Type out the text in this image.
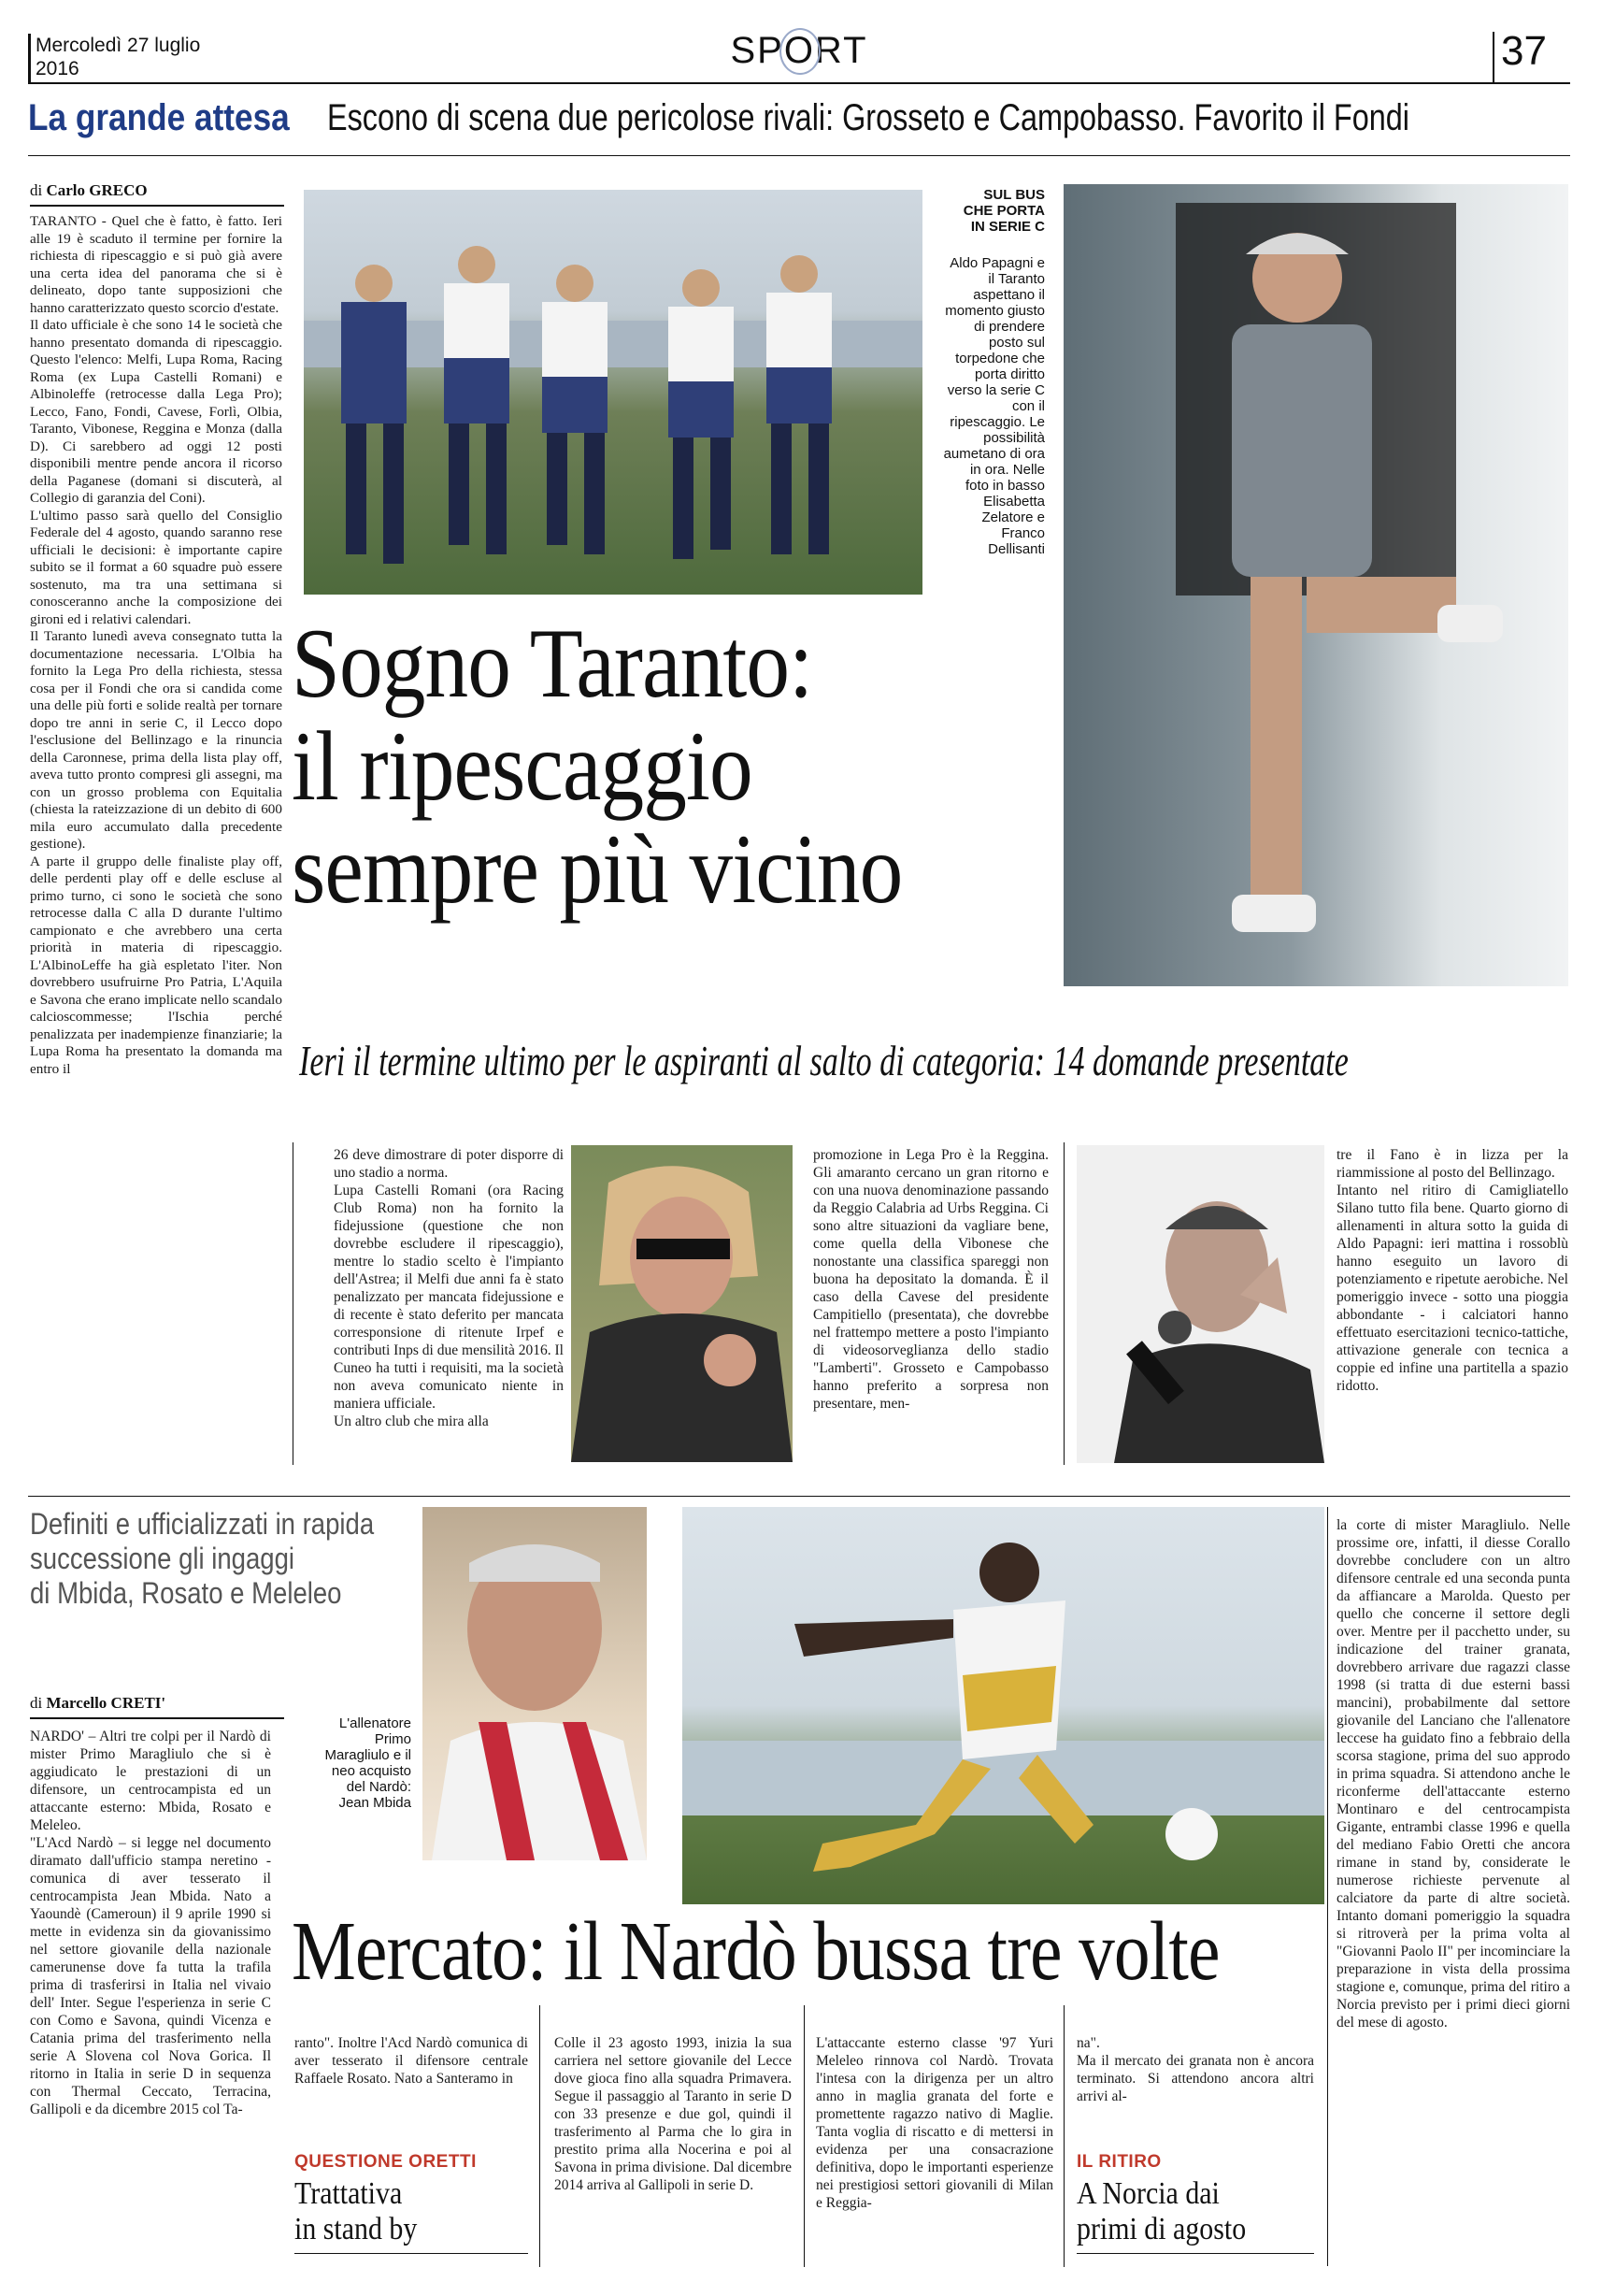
Mercoledì 27 luglio
2016	SPORT	37
La grande attesa Escono di scena due pericolose rivali: Grosseto e Campobasso. Favorito il Fondi
di Carlo GRECO
TARANTO - Quel che è fatto, è fatto. Ieri alle 19 è scaduto il termine per fornire la richiesta di ripescaggio e si può già avere una certa idea del panorama che si è delineato, dopo tante supposizioni che hanno caratterizzato questo scorcio d'estate.
Il dato ufficiale è che sono 14 le società che hanno presentato domanda di ripescaggio. Questo l'elenco: Melfi, Lupa Roma, Racing Roma (ex Lupa Castelli Romani) e Albinoleffe (retrocesse dalla Lega Pro); Lecco, Fano, Fondi, Cavese, Forlì, Olbia, Taranto, Vibonese, Reggina e Monza (dalla D). Ci sarebbero ad oggi 12 posti disponibili mentre pende ancora il ricorso della Paganese (domani si discuterà, al Collegio di garanzia del Coni).
L'ultimo passo sarà quello del Consiglio Federale del 4 agosto, quando saranno rese ufficiali le decisioni: è importante capire subito se il format a 60 squadre può essere sostenuto, ma tra una settimana si conosceranno anche la composizione dei gironi ed i relativi calendari.
Il Taranto lunedì aveva consegnato tutta la documentazione necessaria. L'Olbia ha fornito la Lega Pro della richiesta, stessa cosa per il Fondi che ora si candida come una delle più forti e solide realtà per tornare dopo tre anni in serie C, il Lecco dopo l'esclusione del Bellinzago e la rinuncia della Caronnese, prima della lista play off, aveva tutto pronto compresi gli assegni, ma con un grosso problema con Equitalia (chiesta la rateizzazione di un debito di 600 mila euro accumulato dalla precedente gestione).
A parte il gruppo delle finaliste play off, delle perdenti play off e delle escluse al primo turno, ci sono le società che sono retrocesse dalla C alla D durante l'ultimo campionato e che avrebbero una certa priorità in materia di ripescaggio. L'AlbinoLeffe ha già espletato l'iter. Non dovrebbero usufruirne Pro Patria, L'Aquila e Savona che erano implicate nello scandalo calcioscommesse; l'Ischia perché penalizzata per inadempienze finanziarie; la Lupa Roma ha presentato la domanda ma entro il
SUL BUS
CHE PORTA
IN SERIE C
Aldo Papagni e
il Taranto
aspettano il
momento giusto
di prendere
posto sul
torpedone che
porta diritto
verso la serie C
con il
ripescaggio. Le
possibilità
aumetano di ora
in ora. Nelle
foto in basso
Elisabetta
Zelatore e
Franco
Dellisanti
Sogno Taranto:
il ripescaggio
sempre più vicino
Ieri il termine ultimo per le aspiranti al salto di categoria: 14 domande presentate
26 deve dimostrare di poter disporre di uno stadio a norma.
Lupa Castelli Romani (ora Racing Club Roma) non ha fornito la fidejussione (questione che non dovrebbe escludere il ripescaggio), mentre lo stadio scelto è l'impianto dell'Astrea; il Melfi due anni fa è stato penalizzato per mancata fidejussione e di recente è stato deferito per mancata corresponsione di ritenute Irpef e contributi Inps di due mensilità 2016. Il Cuneo ha tutti i requisiti, ma la società non aveva comunicato niente in maniera ufficiale.
Un altro club che mira alla
promozione in Lega Pro è la Reggina. Gli amaranto cercano un gran ritorno e con una nuova denominazione passando da Reggio Calabria ad Urbs Reggina. Ci sono altre situazioni da vagliare bene, come quella della Vibonese che nonostante una classifica spareggi non buona ha depositato la domanda. È il caso della Cavese del presidente Campitiello (presentata), che dovrebbe nel frattempo mettere a posto l'impianto di videosorveglianza dello stadio "Lamberti". Grosseto e Campobasso hanno preferito a sorpresa non presentare, men-
tre il Fano è in lizza per la riammissione al posto del Bellinzago.
Intanto nel ritiro di Camigliatello Silano tutto fila bene. Quarto giorno di allenamenti in altura sotto la guida di Aldo Papagni: ieri mattina i rossoblù hanno eseguito un lavoro di potenziamento e ripetute aerobiche. Nel pomeriggio invece - sotto una pioggia abbondante - i calciatori hanno effettuato esercitazioni tecnico-tattiche, attivazione generale con tecnica a coppie ed infine una partitella a spazio ridotto.
Definiti e ufficializzati in rapida
successione gli ingaggi
di Mbida, Rosato e Meleleo
di Marcello CRETI'
NARDO' – Altri tre colpi per il Nardò di mister Primo Maragliulo che si è aggiudicato le prestazioni di un difensore, un centrocampista ed un attaccante esterno: Mbida, Rosato e Meleleo.
"L'Acd Nardò – si legge nel documento diramato dall'ufficio stampa neretino - comunica di aver tesserato il centrocampista Jean Mbida. Nato a Yaoundè (Cameroun) il 9 aprile 1990 si mette in evidenza sin da giovanissimo nel settore giovanile della nazionale camerunense dove fa tutta la trafila prima di trasferirsi in Italia nel vivaio dell' Inter. Segue l'esperienza in serie C con Como e Savona, quindi Vicenza e Catania prima del trasferimento nella serie A Slovena col Nova Gorica. Il ritorno in Italia in serie D in sequenza con Thermal Ceccato, Terracina, Gallipoli e da dicembre 2015 col Ta-
L'allenatore
Primo
Maragliulo e il
neo acquisto
del Nardò:
Jean Mbida
Mercato: il Nardò bussa tre volte
ranto". Inoltre l'Acd Nardò comunica di aver tesserato il difensore centrale Raffaele Rosato. Nato a Santeramo in
Colle il 23 agosto 1993, inizia la sua carriera nel settore giovanile del Lecce dove gioca fino alla squadra Primavera. Segue il passaggio al Taranto in serie D con 33 presenze e due gol, quindi il trasferimento al Parma che lo gira in prestito prima alla Nocerina e poi al Savona in prima divisione. Dal dicembre 2014 arriva al Gallipoli in serie D.
L'attaccante esterno classe '97 Yuri Meleleo rinnova col Nardò. Trovata l'intesa con la dirigenza per un altro anno in maglia granata del forte e promettente ragazzo nativo di Maglie. Tanta voglia di riscatto e di mettersi in evidenza per una consacrazione definitiva, dopo le importanti esperienze nei prestigiosi settori giovanili di Milan e Reggia-
na".
Ma il mercato dei granata non è ancora terminato. Si attendono ancora altri arrivi al-
la corte di mister Maragliulo. Nelle prossime ore, infatti, il diesse Corallo dovrebbe concludere con un altro difensore centrale ed una seconda punta da affiancare a Marolda. Questo per quello che concerne il settore degli over. Mentre per il pacchetto under, su indicazione del trainer granata, dovrebbero arrivare due ragazzi classe 1998 (si tratta di due esterni bassi mancini), probabilmente dal settore giovanile del Lanciano che l'allenatore leccese ha guidato fino a febbraio della scorsa stagione, prima del suo approdo in prima squadra. Si attendono anche le riconferme dell'attaccante esterno Montinaro e del centrocampista Gigante, entrambi classe 1996 e quella del mediano Fabio Oretti che ancora rimane in stand by, considerate le numerose richieste pervenute al calciatore da parte di altre società. Intanto domani pomeriggio la squadra si ritroverà per la prima volta al "Giovanni Paolo II" per incominciare la preparazione in vista della prossima stagione e, comunque, prima del ritiro a Norcia previsto per i primi dieci giorni del mese di agosto.
QUESTIONE ORETTI
Trattativa
in stand by
IL RITIRO
A Norcia dai
primi di agosto
